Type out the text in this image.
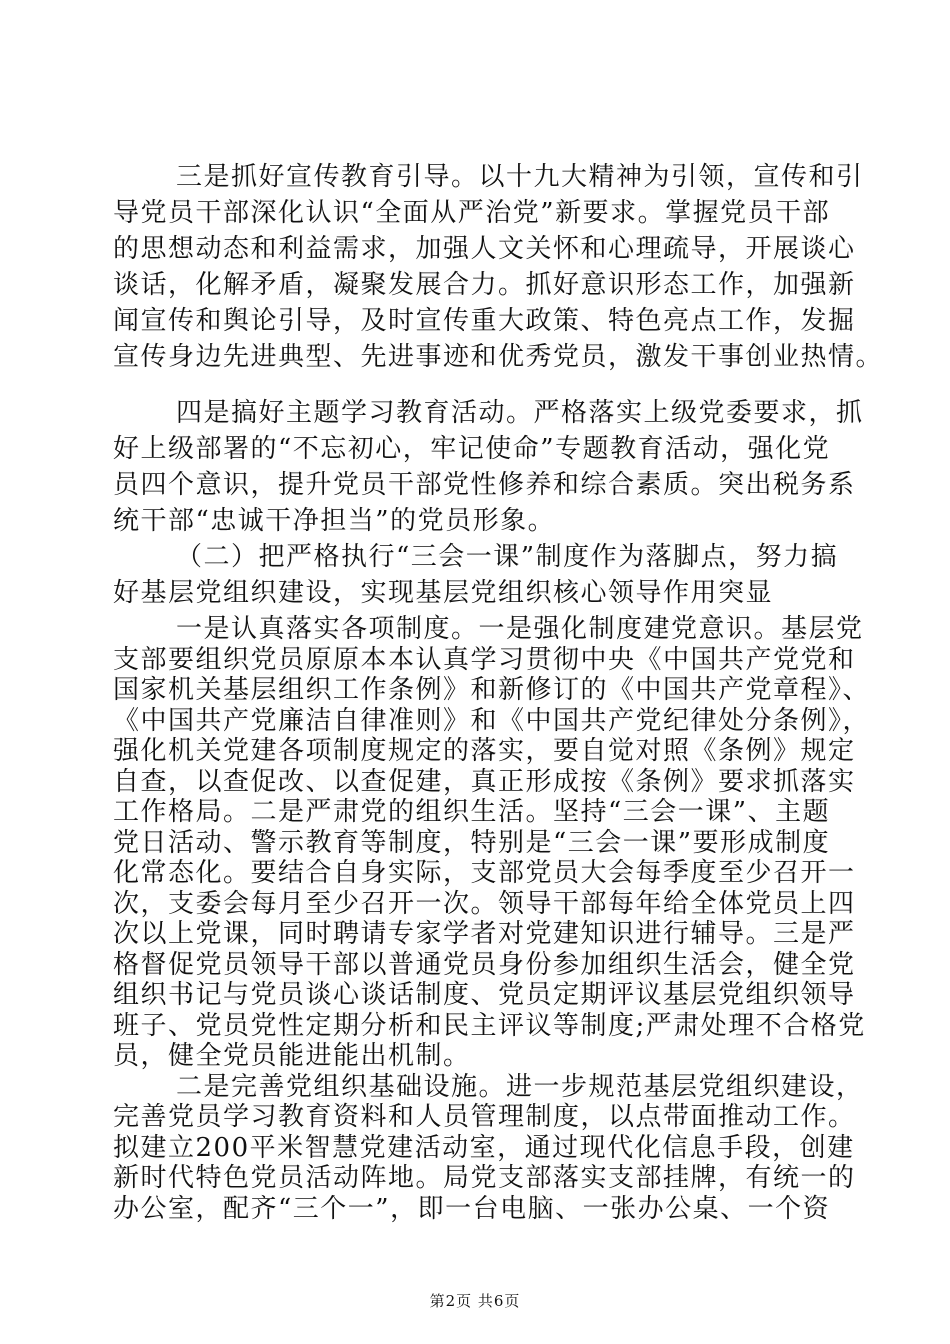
三是抓好宣传教育引导。以十九大精神为引领，宣传和引
导党员干部深化认识“全面从严治党”新要求。掌握党员干部
的思想动态和利益需求，加强人文关怀和心理疏导，开展谈心
谈话，化解矛盾，凝聚发展合力。抓好意识形态工作，加强新
闻宣传和舆论引导，及时宣传重大政策、特色亮点工作，发掘
宣传身边先进典型、先进事迹和优秀党员，激发干事创业热情。
四是搞好主题学习教育活动。严格落实上级党委要求，抓
好上级部署的“不忘初心，牢记使命”专题教育活动，强化党
员四个意识，提升党员干部党性修养和综合素质。突出税务系
统干部“忠诚干净担当”的党员形象。
（二）把严格执行“三会一课”制度作为落脚点，努力搞
好基层党组织建设，实现基层党组织核心领导作用突显
一是认真落实各项制度。一是强化制度建党意识。基层党
支部要组织党员原原本本认真学习贯彻中央《中国共产党党和
国家机关基层组织工作条例》和新修订的《中国共产党章程》、
《中国共产党廉洁自律准则》和《中国共产党纪律处分条例》，
强化机关党建各项制度规定的落实，要自觉对照《条例》规定
自查，以查促改、以查促建，真正形成按《条例》要求抓落实
工作格局。二是严肃党的组织生活。坚持“三会一课”、主题
党日活动、警示教育等制度，特别是“三会一课”要形成制度
化常态化。要结合自身实际，支部党员大会每季度至少召开一
次，支委会每月至少召开一次。领导干部每年给全体党员上四
次以上党课，同时聘请专家学者对党建知识进行辅导。三是严
格督促党员领导干部以普通党员身份参加组织生活会，健全党
组织书记与党员谈心谈话制度、党员定期评议基层党组织领导
班子、党员党性定期分析和民主评议等制度;严肃处理不合格党
员，健全党员能进能出机制。
二是完善党组织基础设施。进一步规范基层党组织建设，
完善党员学习教育资料和人员管理制度，以点带面推动工作。
拟建立200平米智慧党建活动室，通过现代化信息手段，创建
第2页 共6页
新时代特色党员活动阵地。局党支部落实支部挂牌，有统一的
办公室，配齐“三个一”，即一台电脑、一张办公桌、一个资
